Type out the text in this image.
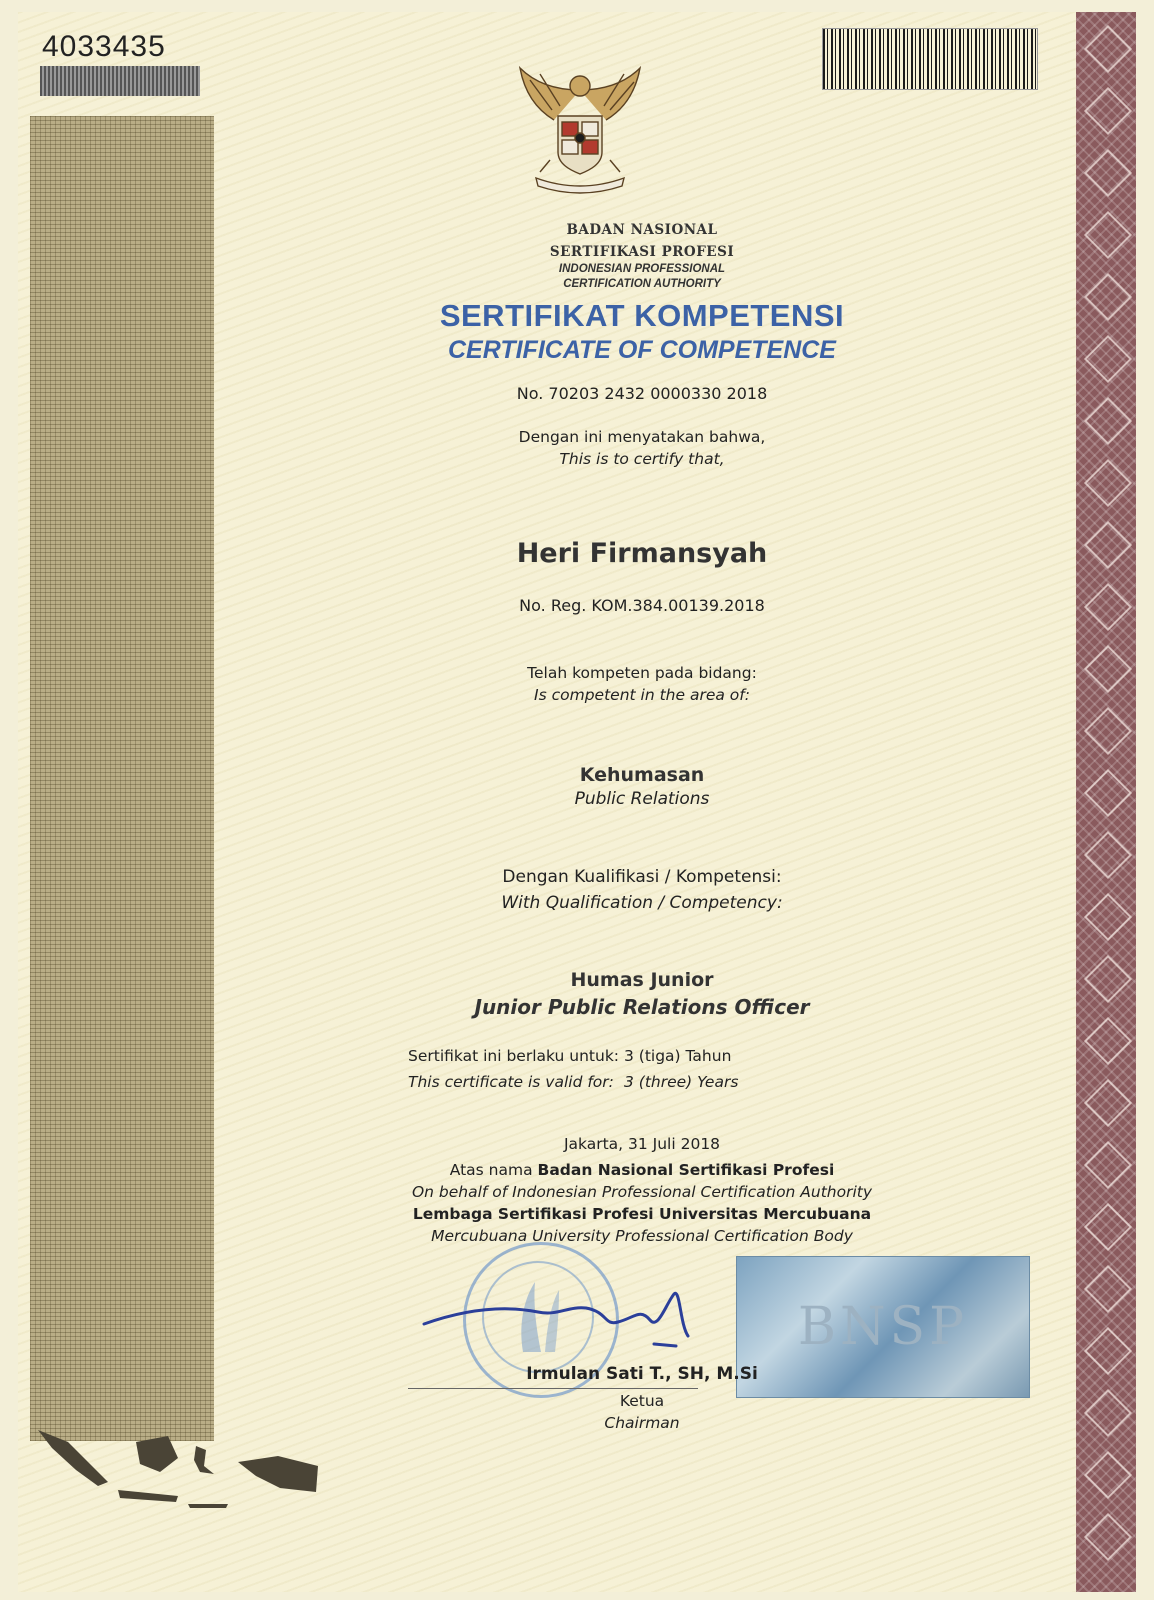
4033435
BADAN NASIONAL
SERTIFIKASI PROFESI
INDONESIAN PROFESSIONAL
CERTIFICATION AUTHORITY
SERTIFIKAT KOMPETENSI
CERTIFICATE OF COMPETENCE
No. 70203 2432 0000330 2018
Dengan ini menyatakan bahwa,
This is to certify that,
Heri Firmansyah
No. Reg. KOM.384.00139.2018
Telah kompeten pada bidang:
Is competent in the area of:
Kehumasan
Public Relations
Dengan Kualifikasi / Kompetensi:
With Qualification / Competency:
Humas Junior
Junior Public Relations Officer
Sertifikat ini berlaku untuk: 3 (tiga) Tahun
This certificate is valid for: 3 (three) Years
Jakarta, 31 Juli 2018
Atas nama Badan Nasional Sertifikasi Profesi
On behalf of Indonesian Professional Certification Authority
Lembaga Sertifikasi Profesi Universitas Mercubuana
Mercubuana University Professional Certification Body
BNSP
Irmulan Sati T., SH, M.Si
Ketua
Chairman
